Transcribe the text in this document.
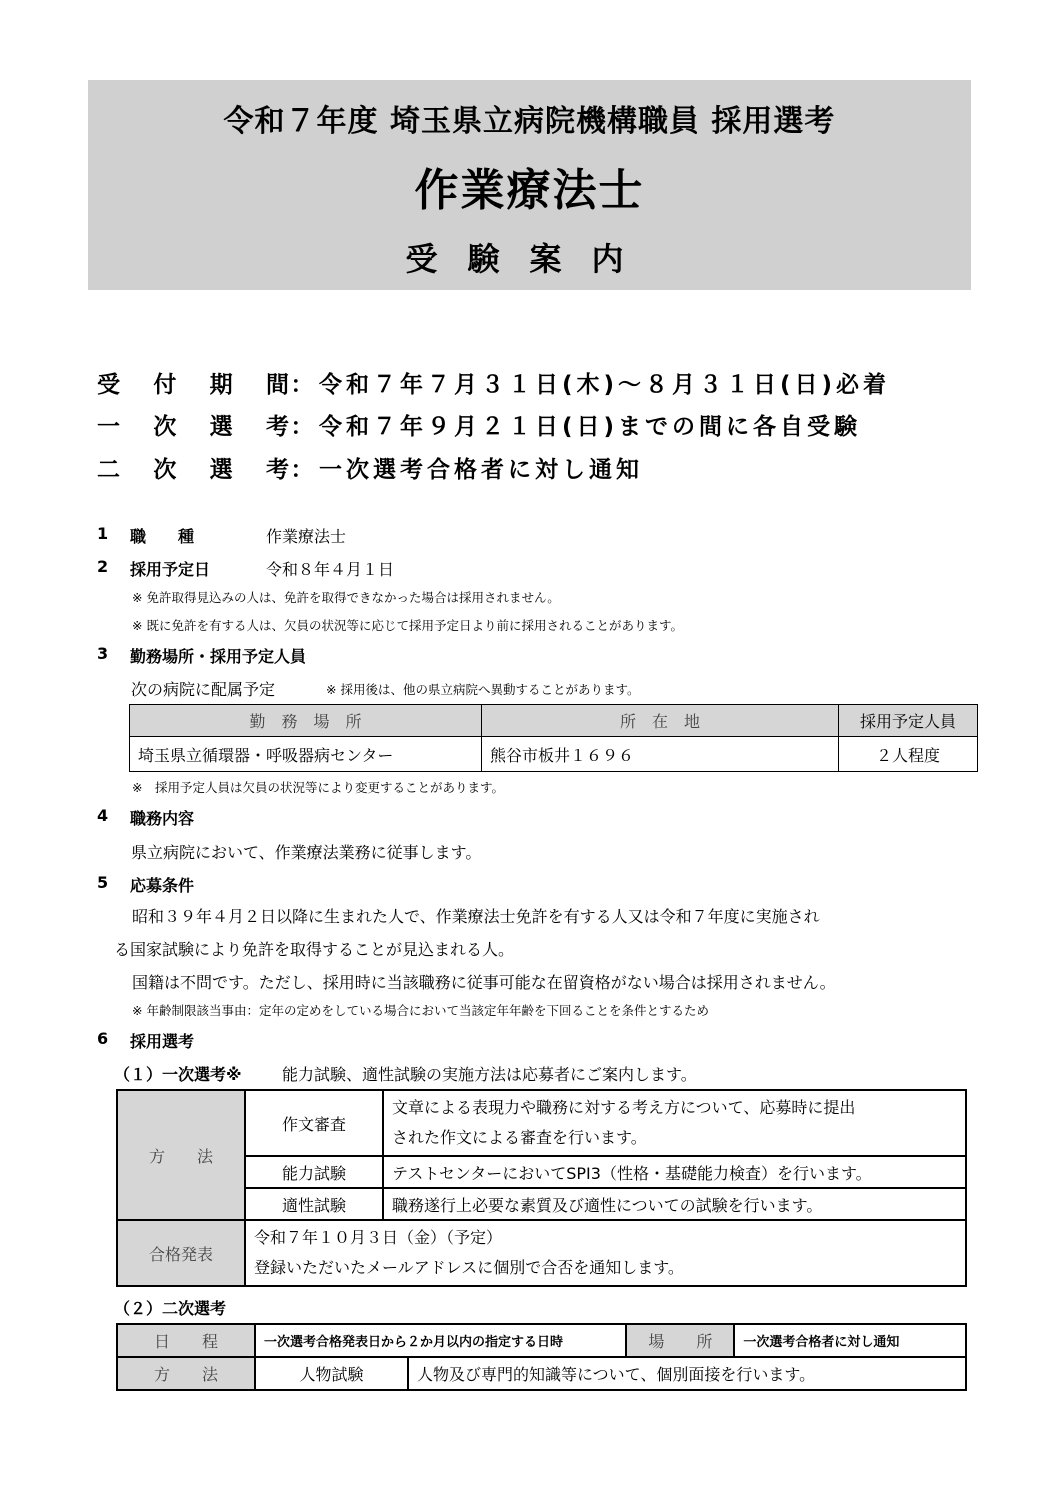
令和７年度 埼玉県立病院機構職員 採用選考
作業療法士
受験案内
受付期間：令和７年７月３１日(木)～８月３１日(日)必着
一次選考：令和７年９月２１日(日)までの間に各自受験
二次選考：一次選考合格者に対し通知
1 職　　種	作業療法士
2 採用予定日	令和８年４月１日
※ 免許取得見込みの人は、免許を取得できなかった場合は採用されません。
※ 既に免許を有する人は、欠員の状況等に応じて採用予定日より前に採用されることがあります。
3 勤務場所・採用予定人員
次の病院に配属予定	※ 採用後は、他の県立病院へ異動することがあります。
勤　務　場　所	所　在　地	採用予定人員
埼玉県立循環器・呼吸器病センター	熊谷市板井１６９６	２人程度
※　採用予定人員は欠員の状況等により変更することがあります。
4 職務内容
県立病院において、作業療法業務に従事します。
5 応募条件
昭和３９年４月２日以降に生まれた人で、作業療法士免許を有する人又は令和７年度に実施され
る国家試験により免許を取得することが見込まれる人。
国籍は不問です。ただし、採用時に当該職務に従事可能な在留資格がない場合は採用されません。
※ 年齢制限該当事由：定年の定めをしている場合において当該定年年齢を下回ることを条件とするため
6 採用選考
（１）一次選考※	能力試験、適性試験の実施方法は応募者にご案内します。
方　　法	作文審査	文章による表現力や職務に対する考え方について、応募時に提出
された作文による審査を行います。

	能力試験	テストセンターにおいてSPI3（性格・基礎能力検査）を行います。
	適性試験	職務遂行上必要な素質及び適性についての試験を行います。
合格発表	令和７年１０月３日（金）（予定）
登録いただいたメールアドレスに個別で合否を通知します。	
（２）二次選考
日　　程	一次選考合格発表日から２か月以内の指定する日時		場　　所	一次選考合格者に対し通知
方　　法	人物試験	人物及び専門的知識等について、個別面接を行います。		
